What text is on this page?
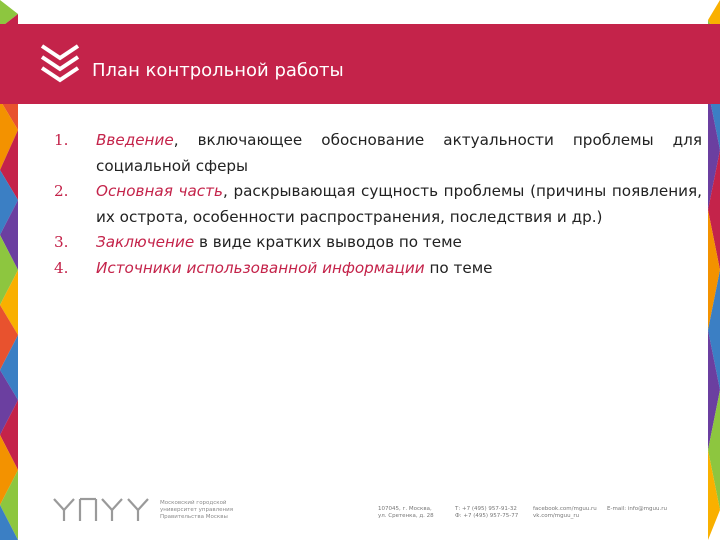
План контрольной работы
1. Введение, включающее обоснование актуальности проблемы для социальной сферы
2. Основная часть, раскрывающая сущность проблемы (причины появления, их острота, особенности распространения, последствия и др.)
3. Заключение в виде кратких выводов по теме
4. Источники использованной информации по теме
Московский городской
университет управления
Правительства Москвы
107045, г. Москва,
ул. Сретенка, д. 28
Т: +7 (495) 957-91-32
Ф: +7 (495) 957-75-77
facebook.com/mguu.ru
vk.com/mguu_ru
E-mail: info@mguu.ru
